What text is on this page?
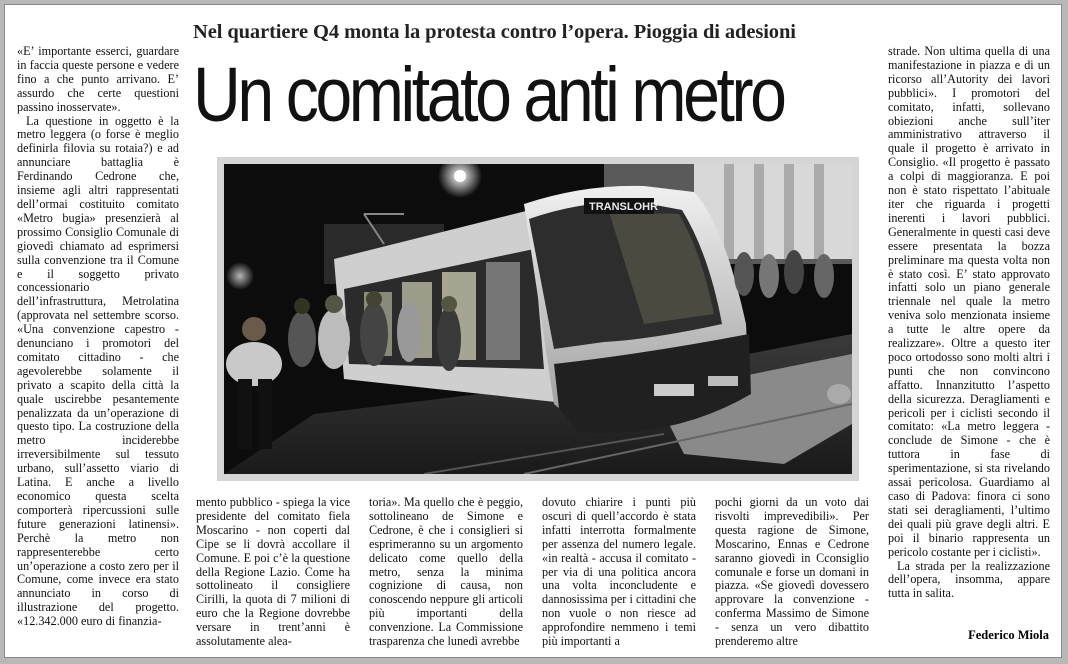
Nel quartiere Q4 monta la protesta contro l’opera. Pioggia di adesioni
Un comitato anti metro

«E’ importante esserci, guardare in faccia queste persone e vedere fino a che punto arrivano. E’ assurdo che certe questioni passino inosservate».

La questione in oggetto è la metro leggera (o forse è meglio definirla filovia su rotaia?) e ad annunciare battaglia è Ferdinando Cedrone che, insieme agli altri rappresentati dell’ormai costituito comitato «Metro bugia» presenzierà al prossimo Consiglio Comunale di giovedì chiamato ad esprimersi sulla convenzione tra il Comune e il soggetto privato concessionario dell’infrastruttura, Metrolatina (approvata nel settembre scorso. «Una convenzione capestro - denunciano i promotori del comitato cittadino - che agevolerebbe solamente il privato a scapito della città la quale uscirebbe pesantemente penalizzata da un’operazione di questo tipo. La costruzione della metro inciderebbe irreversibilmente sul tessuto urbano, sull’assetto viario di Latina. E anche a livello economico questa scelta comporterà ripercussioni sulle future generazioni latinensi». Perchè la metro non rappresenterebbe certo un’operazione a costo zero per il Comune, come invece era stato annunciato in corso di illustrazione del progetto. «12.342.000 euro di finanzia-

TRANSLOHR

mento pubblico - spiega la vice presidente del comitato fiela Moscarino - non coperti dal Cipe se li dovrà accollare il Comune. E poi c’è la questione della Regione Lazio. Come ha sottolineato il consigliere Cirilli, la quota di 7 milioni di euro che la Regione dovrebbe versare in trent’anni è assolutamente alea-

toria». Ma quello che è peggio, sottolineano de Simone e Cedrone, è che i consiglieri si esprimeranno su un argomento delicato come quello della metro, senza la minima cognizione di causa, non conoscendo neppure gli articoli più importanti della convenzione. La Commissione trasparenza che lunedì avrebbe

dovuto chiarire i punti più oscuri di quell’accordo è stata infatti interrotta formalmente per assenza del numero legale. «in realtà - accusa il comitato - per via di una politica ancora una volta inconcludente e dannosissima per i cittadini che non vuole o non riesce ad approfondire nemmeno i temi più importanti a

pochi giorni da un voto dai risvolti imprevedibili». Per questa ragione de Simone, Moscarino, Ennas e Cedrone saranno giovedì in Cconsiglio comunale e forse un domani in piazza. «Se giovedì dovessero approvare la convenzione - conferma Massimo de Simone - senza un vero dibattito prenderemo altre

strade. Non ultima quella di una manifestazione in piazza e di un ricorso all’Autority dei lavori pubblici». I promotori del comitato, infatti, sollevano obiezioni anche sull’iter amministrativo attraverso il quale il progetto è arrivato in Consiglio. «Il progetto è passato a colpi di maggioranza. E poi non è stato rispettato l’abituale iter che riguarda i progetti inerenti i lavori pubblici. Generalmente in questi casi deve essere presentata la bozza preliminare ma questa volta non è stato così. E’ stato approvato infatti solo un piano generale triennale nel quale la metro veniva solo menzionata insieme a tutte le altre opere da realizzare». Oltre a questo iter poco ortodosso sono molti altri i punti che non convincono affatto. Innanzitutto l’aspetto della sicurezza. Deragliamenti e pericoli per i ciclisti secondo il comitato: «La metro leggera - conclude de Simone - che è tuttora in fase di sperimentazione, si sta rivelando assai pericolosa. Guardiamo al caso di Padova: finora ci sono stati sei deragliamenti, l’ultimo dei quali più grave degli altri. E poi il binario rappresenta un pericolo costante per i ciclisti».

La strada per la realizzazione dell’opera, insomma, appare tutta in salita.

Federico Miola
